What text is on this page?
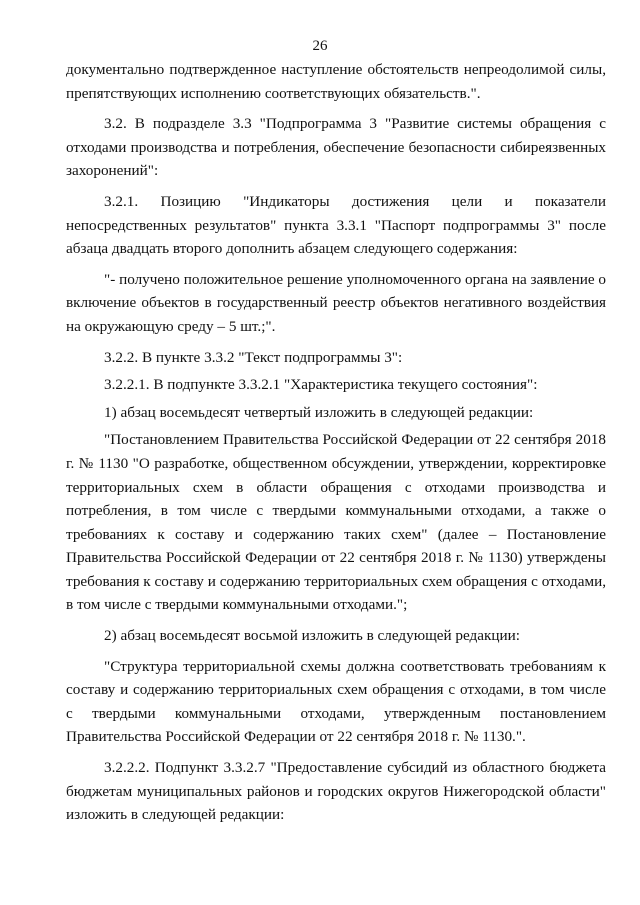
26

документально подтвержденное наступление обстоятельств непреодолимой силы, препятствующих исполнению соответствующих обязательств.".

3.2. В подразделе 3.3 "Подпрограмма 3 "Развитие системы обращения с отходами производства и потребления, обеспечение безопасности сибиреязвенных захоронений":

3.2.1. Позицию "Индикаторы достижения цели и показатели непосредственных результатов" пункта 3.3.1 "Паспорт подпрограммы 3" после абзаца двадцать второго дополнить абзацем следующего содержания:

"- получено положительное решение уполномоченного органа на заявление о включение объектов в государственный реестр объектов негативного воздействия на окружающую среду – 5 шт.;".

3.2.2. В пункте 3.3.2 "Текст подпрограммы 3":

3.2.2.1. В подпункте 3.3.2.1 "Характеристика текущего состояния":

1) абзац восемьдесят четвертый изложить в следующей редакции:

"Постановлением Правительства Российской Федерации от 22 сентября 2018 г. № 1130 "О разработке, общественном обсуждении, утверждении, корректировке территориальных схем в области обращения с отходами производства и потребления, в том числе с твердыми коммунальными отходами, а также о требованиях к составу и содержанию таких схем" (далее – Постановление Правительства Российской Федерации от 22 сентября 2018 г. № 1130) утверждены требования к составу и содержанию территориальных схем обращения с отходами, в том числе с твердыми коммунальными отходами.";

2) абзац восемьдесят восьмой изложить в следующей редакции:

"Структура территориальной схемы должна соответствовать требованиям к составу и содержанию территориальных схем обращения с отходами, в том числе с твердыми коммунальными отходами, утвержденным постановлением Правительства Российской Федерации от 22 сентября 2018 г. № 1130.".

3.2.2.2. Подпункт 3.3.2.7 "Предоставление субсидий из областного бюджета бюджетам муниципальных районов и городских округов Нижегородской области" изложить в следующей редакции:
